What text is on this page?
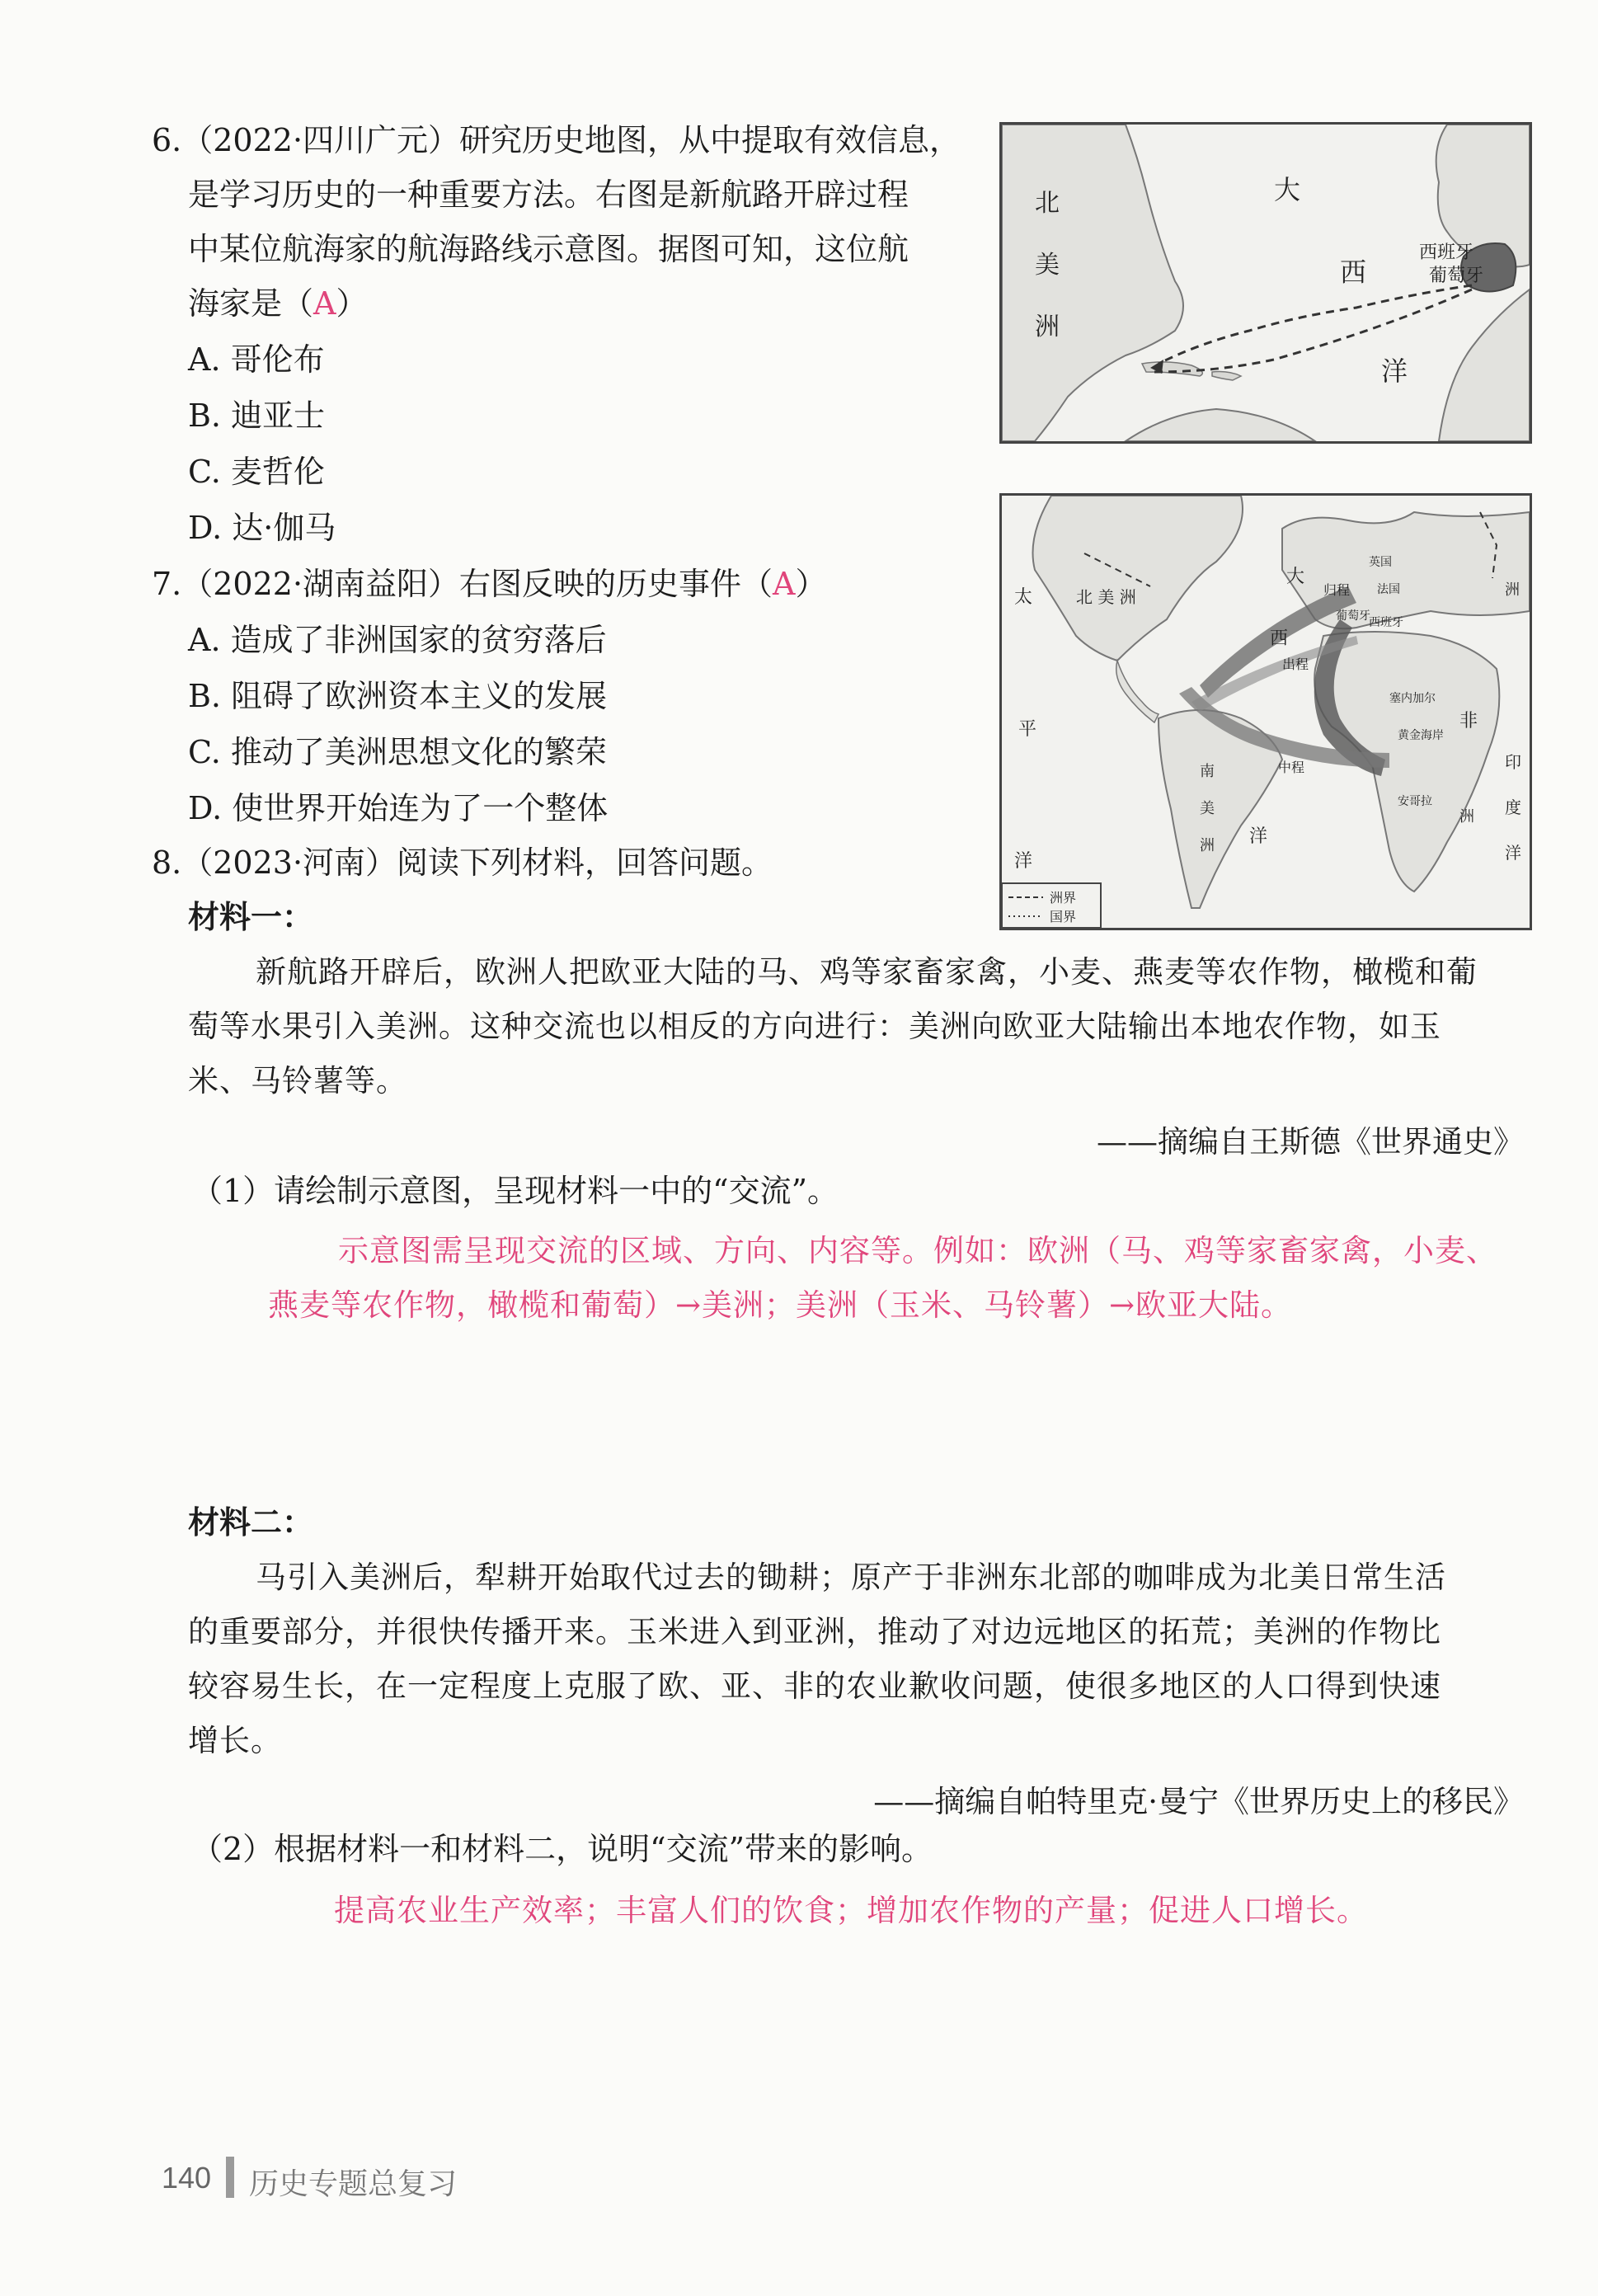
6.（2022·四川广元）研究历史地图，从中提取有效信息，
是学习历史的一种重要方法。右图是新航路开辟过程
中某位航海家的航海路线示意图。据图可知，这位航
海家是（A）
A. 哥伦布
B. 迪亚士
C. 麦哲伦
D. 达·伽马
北
美
洲
大
西
洋
西班牙
葡萄牙
7.（2022·湖南益阳）右图反映的历史事件（A）
A. 造成了非洲国家的贫穷落后
B. 阻碍了欧洲资本主义的发展
C. 推动了美洲思想文化的繁荣
D. 使世界开始连为了一个整体
太
平
洋
北 美 洲
大
西
洋
南
美
洲
非
洲
印
度
洋
洲
出程
归程
中程
英国
法国
葡萄牙
西班牙
塞内加尔
黄金海岸
安哥拉
洲界
国界
8.（2023·河南）阅读下列材料，回答问题。
材料一：

新航路开辟后，欧洲人把欧亚大陆的马、鸡等家畜家禽，小麦、燕麦等农作物，橄榄和葡

萄等水果引入美洲。这种交流也以相反的方向进行：美洲向欧亚大陆输出本地农作物，如玉

米、马铃薯等。

——摘编自王斯德《世界通史》
（1）请绘制示意图，呈现材料一中的“交流”。

示意图需呈现交流的区域、方向、内容等。例如：欧洲（马、鸡等家畜家禽，小麦、

燕麦等农作物，橄榄和葡萄）→美洲；美洲（玉米、马铃薯）→欧亚大陆。

材料二：

马引入美洲后，犁耕开始取代过去的锄耕；原产于非洲东北部的咖啡成为北美日常生活

的重要部分，并很快传播开来。玉米进入到亚洲，推动了对边远地区的拓荒；美洲的作物比

较容易生长，在一定程度上克服了欧、亚、非的农业歉收问题，使很多地区的人口得到快速

增长。

——摘编自帕特里克·曼宁《世界历史上的移民》
（2）根据材料一和材料二，说明“交流”带来的影响。
提高农业生产效率；丰富人们的饮食；增加农作物的产量；促进人口增长。
140 历史专题总复习
